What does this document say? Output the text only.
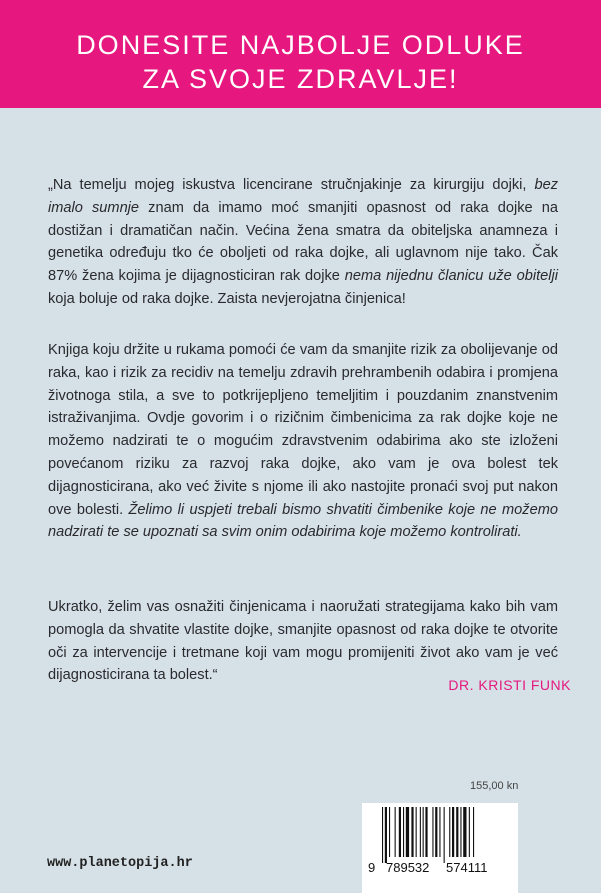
DONESITE NAJBOLJE ODLUKE
ZA SVOJE ZDRAVLJE!

„Na temelju mojeg iskustva licencirane stručnjakinje za kirurgiju dojki, bez imalo sumnje znam da imamo moć smanjiti opasnost od raka dojke na dostižan i dramatičan način. Većina žena smatra da obiteljska anamneza i genetika određuju tko će oboljeti od raka dojke, ali uglavnom nije tako. Čak 87% žena kojima je dijagnosticiran rak dojke nema nijednu članicu uže obitelji koja boluje od raka dojke. Zaista nevjerojatna činjenica!

Knjiga koju držite u rukama pomoći će vam da smanjite rizik za obolijevanje od raka, kao i rizik za recidiv na temelju zdravih prehrambenih odabira i promjena životnoga stila, a sve to potkrijepljeno temeljitim i pouzdanim znanstvenim istraživanjima. Ovdje govorim i o rizičnim čimbenicima za rak dojke koje ne možemo nadzirati te o mogućim zdravstvenim odabirima ako ste izloženi povećanom riziku za razvoj raka dojke, ako vam je ova bolest tek dijagnosticirana, ako već živite s njome ili ako nastojite pronaći svoj put nakon ove bolesti. Želimo li uspjeti trebali bismo shvatiti čimbenike koje ne možemo nadzirati te se upoznati sa svim onim odabirima koje možemo kontrolirati.

Ukratko, želim vas osnažiti činjenicama i naoružati strategijama kako bih vam pomogla da shvatite vlastite dojke, smanjite opasnost od raka dojke te otvorite oči za intervencije i tretmane koji vam mogu promijeniti život ako vam je već dijagnosticirana ta bolest.“

DR. KRISTI FUNK
155,00 kn
www.planetopija.hr	9 789532 574111
